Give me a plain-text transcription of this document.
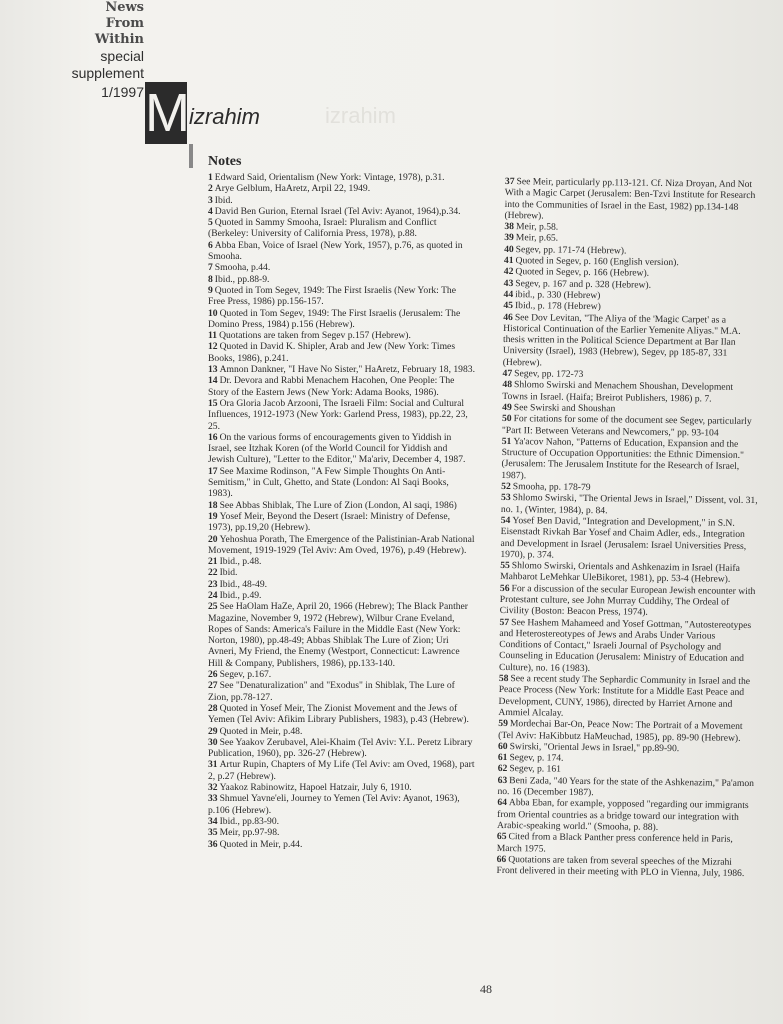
News
From
Within
special
supplement
1/1997 M izrahim	izrahim
Notes

1 Edward Said, Orientalism (New York: Vintage, 1978), p.31.

2 Arye Gelblum, HaAretz, Arpil 22, 1949.

3 Ibid.

4 David Ben Gurion, Eternal Israel (Tel Aviv: Ayanot, 1964),p.34.

5 Quoted in Sammy Smooha, Israel: Pluralism and Conflict (Berkeley: University of California Press, 1978), p.88.

6 Abba Eban, Voice of Israel (New York, 1957), p.76, as quoted in Smooha.

7 Smooha, p.44.

8 Ibid., pp.88-9.

9 Quoted in Tom Segev, 1949: The First Israelis (New York: The Free Press, 1986) pp.156-157.

10 Quoted in Tom Segev, 1949: The First Israelis (Jerusalem: The Domino Press, 1984) p.156 (Hebrew).

11 Quotations are taken from Segev p.157 (Hebrew).

12 Quoted in David K. Shipler, Arab and Jew (New York: Times Books, 1986), p.241.

13 Amnon Dankner, "I Have No Sister," HaAretz, February 18, 1983.

14 Dr. Devora and Rabbi Menachem Hacohen, One People: The Story of the Eastern Jews (New York: Adama Books, 1986).

15 Ora Gloria Jacob Arzooni, The Israeli Film: Social and Cultural Influences, 1912-1973 (New York: Garlend Press, 1983), pp.22, 23, 25.

16 On the various forms of encouragements given to Yiddish in Israel, see Itzhak Koren (of the World Council for Yiddish and Jewish Culture), "Letter to the Editor," Ma'ariv, December 4, 1987.

17 See Maxime Rodinson, "A Few Simple Thoughts On Anti-Semitism," in Cult, Ghetto, and State (London: Al Saqi Books, 1983).

18 See Abbas Shiblak, The Lure of Zion (London, Al saqi, 1986)

19 Yosef Meir, Beyond the Desert (Israel: Ministry of Defense, 1973), pp.19,20 (Hebrew).

20 Yehoshua Porath, The Emergence of the Palistinian-Arab National Movement, 1919-1929 (Tel Aviv: Am Oved, 1976), p.49 (Hebrew).

21 Ibid., p.48.

22 Ibid.

23 Ibid., 48-49.

24 Ibid., p.49.

25 See HaOlam HaZe, April 20, 1966 (Hebrew); The Black Panther Magazine, November 9, 1972 (Hebrew), Wilbur Crane Eveland, Ropes of Sands: America's Failure in the Middle East (New York: Norton, 1980), pp.48-49; Abbas Shiblak The Lure of Zion; Uri Avneri, My Friend, the Enemy (Westport, Connecticut: Lawrence Hill & Company, Publishers, 1986), pp.133-140.

26 Segev, p.167.

27 See "Denaturalization" and "Exodus" in Shiblak, The Lure of Zion, pp.78-127.

28 Quoted in Yosef Meir, The Zionist Movement and the Jews of Yemen (Tel Aviv: Afikim Library Publishers, 1983), p.43 (Hebrew).

29 Quoted in Meir, p.48.

30 See Yaakov Zerubavel, Alei-Khaim (Tel Aviv: Y.L. Peretz Library Publication, 1960), pp. 326-27 (Hebrew).

31 Artur Rupin, Chapters of My Life (Tel Aviv: am Oved, 1968), part 2, p.27 (Hebrew).

32 Yaakoz Rabinowitz, Hapoel Hatzair, July 6, 1910.

33 Shmuel Yavne'eli, Journey to Yemen (Tel Aviv: Ayanot, 1963), p.106 (Hebrew).

34 Ibid., pp.83-90.

35 Meir, pp.97-98.

36 Quoted in Meir, p.44.

37 See Meir, particularly pp.113-121. Cf. Niza Droyan, And Not With a Magic Carpet (Jerusalem: Ben-Tzvi Institute for Research into the Communities of Israel in the East, 1982) pp.134-148 (Hebrew).

38 Meir, p.58.

39 Meir, p.65.

40 Segev, pp. 171-74 (Hebrew).

41 Quoted in Segev, p. 160 (English version).

42 Quoted in Segev, p. 166 (Hebrew).

43 Segev, p. 167 and p. 328 (Hebrew).

44 ibid., p. 330 (Hebrew)

45 Ibid., p. 178 (Hebrew)

46 See Dov Levitan, "The Aliya of the 'Magic Carpet' as a Historical Continuation of the Earlier Yemenite Aliyas." M.A. thesis written in the Political Science Department at Bar Ilan University (Israel), 1983 (Hebrew), Segev, pp 185-87, 331 (Hebrew).

47 Segev, pp. 172-73

48 Shlomo Swirski and Menachem Shoushan, Development Towns in Israel. (Haifa; Breirot Publishers, 1986) p. 7.

49 See Swirski and Shoushan

50 For citations for some of the document see Segev, particularly "Part II: Between Veterans and Newcomers," pp. 93-104

51 Ya'acov Nahon, "Patterns of Education, Expansion and the Structure of Occupation Opportunities: the Ethnic Dimension." (Jerusalem: The Jerusalem Institute for the Research of Israel, 1987).

52 Smooha, pp. 178-79

53 Shlomo Swirski, "The Oriental Jews in Israel," Dissent, vol. 31, no. 1, (Winter, 1984), p. 84.

54 Yosef Ben David, "Integration and Development," in S.N. Eisenstadt Rivkah Bar Yosef and Chaim Adler, eds., Integration and Development in Israel (Jerusalem: Israel Universities Press, 1970), p. 374.

55 Shlomo Swirski, Orientals and Ashkenazim in Israel (Haifa Mahbarot LeMehkar UleBikoret, 1981), pp. 53-4 (Hebrew).

56 For a discussion of the secular European Jewish encounter with Protestant culture, see John Murray Cuddihy, The Ordeal of Civility (Boston: Beacon Press, 1974).

57 See Hashem Mahameed and Yosef Gottman, "Autostereotypes and Heterostereotypes of Jews and Arabs Under Various Conditions of Contact," Israeli Journal of Psychology and Counseling in Education (Jerusalem: Ministry of Education and Culture), no. 16 (1983).

58 See a recent study The Sephardic Community in Israel and the Peace Process (New York: Institute for a Middle East Peace and Development, CUNY, 1986), directed by Harriet Arnone and Ammiel Alcalay.

59 Mordechai Bar-On, Peace Now: The Portrait of a Movement (Tel Aviv: HaKibbutz HaMeuchad, 1985), pp. 89-90 (Hebrew).

60 Swirski, "Oriental Jews in Israel," pp.89-90.

61 Segev, p. 174.

62 Segev, p. 161

63 Beni Zada, "40 Years for the state of the Ashkenazim," Pa'amon no. 16 (December 1987).

64 Abba Eban, for example, yopposed "regarding our immigrants from Oriental countries as a bridge toward our integration with Arabic-speaking world." (Smooha, p. 88).

65 Cited from a Black Panther press conference held in Paris, March 1975.

66 Quotations are taken from several speeches of the Mizrahi Front delivered in their meeting with PLO in Vienna, July, 1986.

48
